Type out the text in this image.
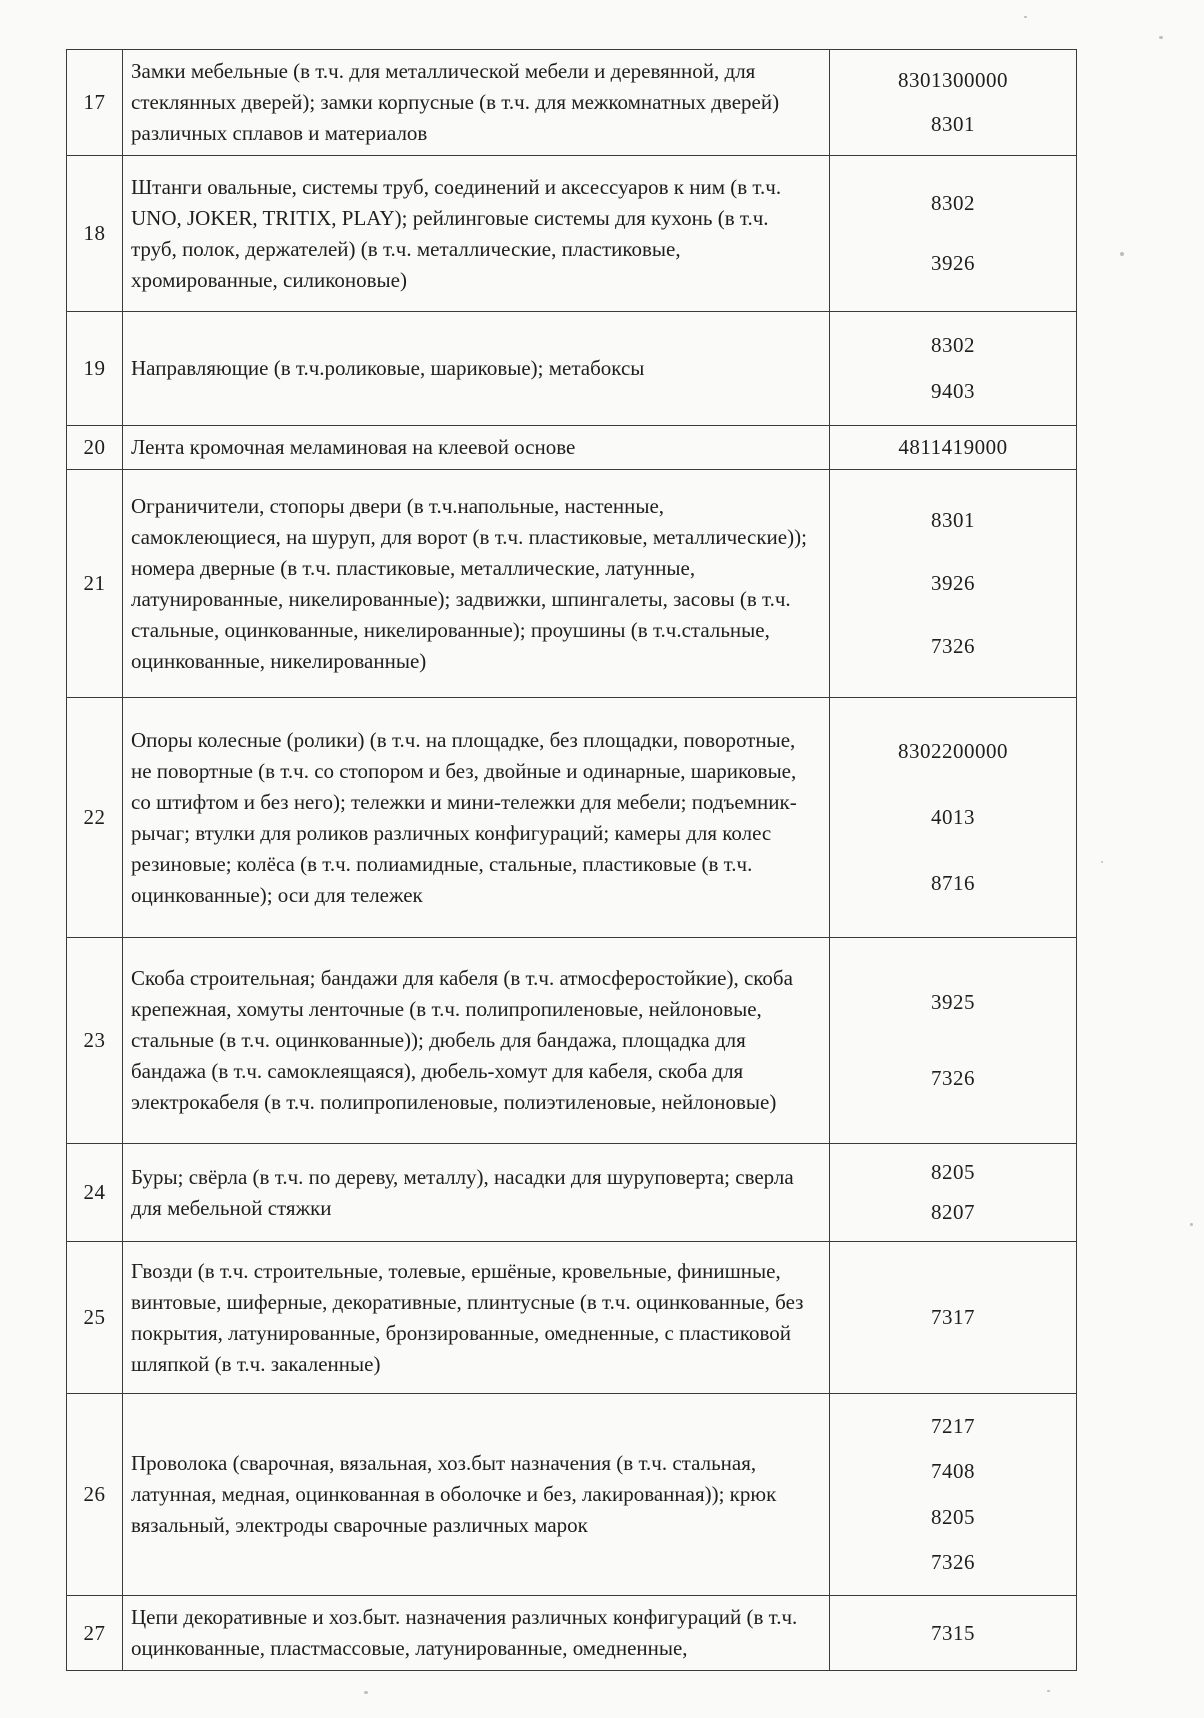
17	Замки мебельные (в т.ч. для металлической мебели и деревянной, для стеклянных дверей); замки корпусные (в т.ч. для межкомнатных дверей) различных сплавов и материалов	8301300000
8301

18	Штанги овальные, системы труб, соединений и аксессуаров к ним (в т.ч. UNO, JOKER, TRITIX, PLAY); рейлинговые системы для кухонь (в т.ч. труб, полок, держателей) (в т.ч. металлические, пластиковые, хромированные, силиконовые)	8302
3926

19	Направляющие (в т.ч.роликовые, шариковые); метабоксы	8302
9403

20	Лента кромочная меламиновая на клеевой основе	4811419000

21	Ограничители, стопоры двери (в т.ч.напольные, настенные, самоклеющиеся, на шуруп, для ворот (в т.ч. пластиковые, металлические)); номера дверные (в т.ч. пластиковые, металлические, латунные, латунированные, никелированные); задвижки, шпингалеты, засовы (в т.ч. стальные, оцинкованные, никелированные); проушины (в т.ч.стальные, оцинкованные, никелированные)	
8301
3926
7326

22	Опоры колесные (ролики) (в т.ч. на площадке, без площадки, поворотные, не повортные (в т.ч. со стопором и без, двойные и одинарные, шариковые, со штифтом и без него); тележки и мини-тележки для мебели; подъемник-рычаг; втулки для роликов различных конфигураций; камеры для колес резиновые; колёса (в т.ч. полиамидные, стальные, пластиковые (в т.ч. оцинкованные); оси для тележек	
8302200000
4013
8716

23	Скоба строительная; бандажи для кабеля (в т.ч. атмосферостойкие), скоба крепежная, хомуты ленточные (в т.ч. полипропиленовые, нейлоновые, стальные (в т.ч. оцинкованные)); дюбель для бандажа, площадка для бандажа (в т.ч. самоклеящаяся), дюбель-хомут для кабеля, скоба для электрокабеля (в т.ч. полипропиленовые, полиэтиленовые, нейлоновые)	3925
7326

24	Буры; свёрла (в т.ч. по дереву, металлу), насадки для шуруповерта; сверла для мебельной стяжки	8205
8207

25	Гвозди (в т.ч. строительные, толевые, ершёные, кровельные, финишные, винтовые, шиферные, декоративные, плинтусные (в т.ч. оцинкованные, без покрытия, латунированные, бронзированные, омедненные, с пластиковой шляпкой (в т.ч. закаленные)	7317

26	Проволока (сварочная, вязальная, хоз.быт назначения (в т.ч. стальная, латунная, медная, оцинкованная в оболочке и без, лакированная)); крюк вязальный, электроды сварочные различных марок	7217
7408
8205
7326

27	Цепи декоративные и хоз.быт. назначения различных конфигураций (в т.ч. оцинкованные, пластмассовые, латунированные, омедненные,	7315
